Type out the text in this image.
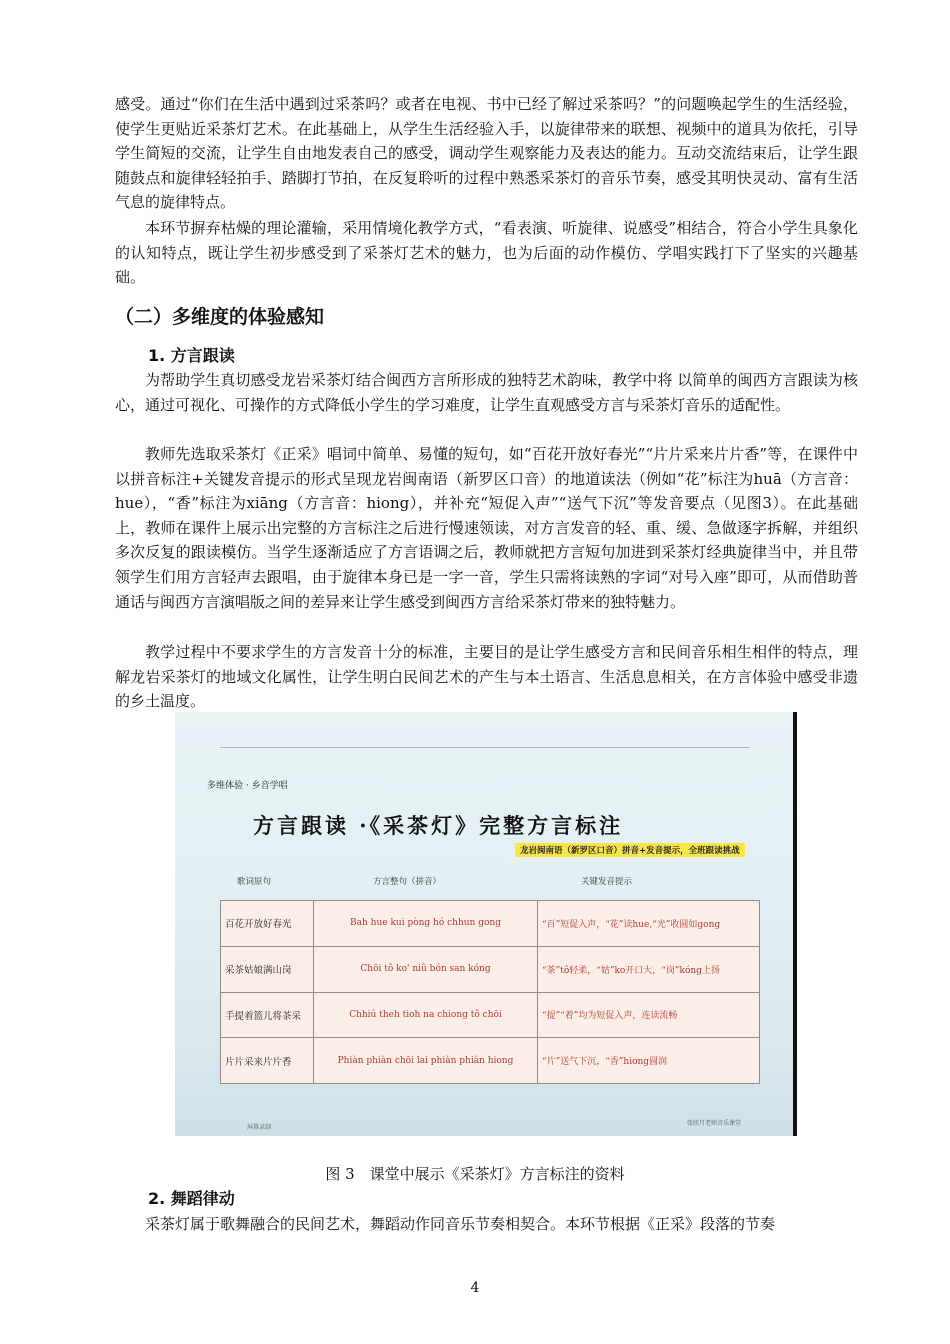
感受。通过“你们在生活中遇到过采茶吗？或者在电视、书中已经了解过采茶吗？”的问题唤起学生的生活经验，使学生更贴近采茶灯艺术。在此基础上，从学生生活经验入手，以旋律带来的联想、视频中的道具为依托，引导学生简短的交流，让学生自由地发表自己的感受，调动学生观察能力及表达的能力。互动交流结束后，让学生跟随鼓点和旋律轻轻拍手、踏脚打节拍，在反复聆听的过程中熟悉采茶灯的音乐节奏，感受其明快灵动、富有生活气息的旋律特点。

本环节摒弃枯燥的理论灌输，采用情境化教学方式，“看表演、听旋律、说感受”相结合，符合小学生具象化的认知特点，既让学生初步感受到了采茶灯艺术的魅力，也为后面的动作模仿、学唱实践打下了坚实的兴趣基础。

（二）多维度的体验感知
1. 方言跟读

为帮助学生真切感受龙岩采茶灯结合闽西方言所形成的独特艺术韵味，教学中将 以简单的闽西方言跟读为核心，通过可视化、可操作的方式降低小学生的学习难度，让学生直观感受方言与采茶灯音乐的适配性。

教师先选取采茶灯《正采》唱词中简单、易懂的短句，如“百花开放好春光”“片片采来片片香”等，在课件中以拼音标注+关键发音提示的形式呈现龙岩闽南语（新罗区口音）的地道读法（例如“花”标注为huā（方言音：hue），“香”标注为xiāng（方言音：hiong），并补充“短促入声”“送气下沉”等发音要点（见图3）。在此基础上，教师在课件上展示出完整的方言标注之后进行慢速领读，对方言发音的轻、重、缓、急做逐字拆解，并组织多次反复的跟读模仿。当学生逐渐适应了方言语调之后，教师就把方言短句加进到采茶灯经典旋律当中，并且带领学生们用方言轻声去跟唱，由于旋律本身已是一字一音，学生只需将读熟的字词“对号入座”即可，从而借助普通话与闽西方言演唱版之间的差异来让学生感受到闽西方言给采茶灯带来的独特魅力。

教学过程中不要求学生的方言发音十分的标准，主要目的是让学生感受方言和民间音乐相生相伴的特点，理解龙岩采茶灯的地域文化属性，让学生明白民间艺术的产生与本土语言、生活息息相关，在方言体验中感受非遗的乡土温度。

多维体验 · 乡音学唱
方言跟读 ·《采茶灯》完整方言标注
龙岩闽南语（新罗区口音）拼音+发音提示，全班跟读挑战
歌词原句	方言整句（拼音）	关键发音提示
百花开放好春光	Bah hue kui pòng hó chhun gong	“百”短促入声，“花”读hue,“光”收圆如gong
采茶姑娘满山岗	Chōi tô ko' niû bón san kóng	“茶”tô轻柔，“姑”ko开口大，“岗”kóng上扬
手提着篮儿将茶采	Chhiú theh tioh na chiong tô chōi	“提”“着”均为短促入声，连读流畅
片片采来片片香	Phiàn phiàn chōi lai phiàn phiàn hiong	“片”送气下沉，“香”hiong圆润
屏幕录制
张欣月老师音乐课堂
图 3　课堂中展示《采茶灯》方言标注的资料
2. 舞蹈律动

采茶灯属于歌舞融合的民间艺术，舞蹈动作同音乐节奏相契合。本环节根据《正采》段落的节奏

4
